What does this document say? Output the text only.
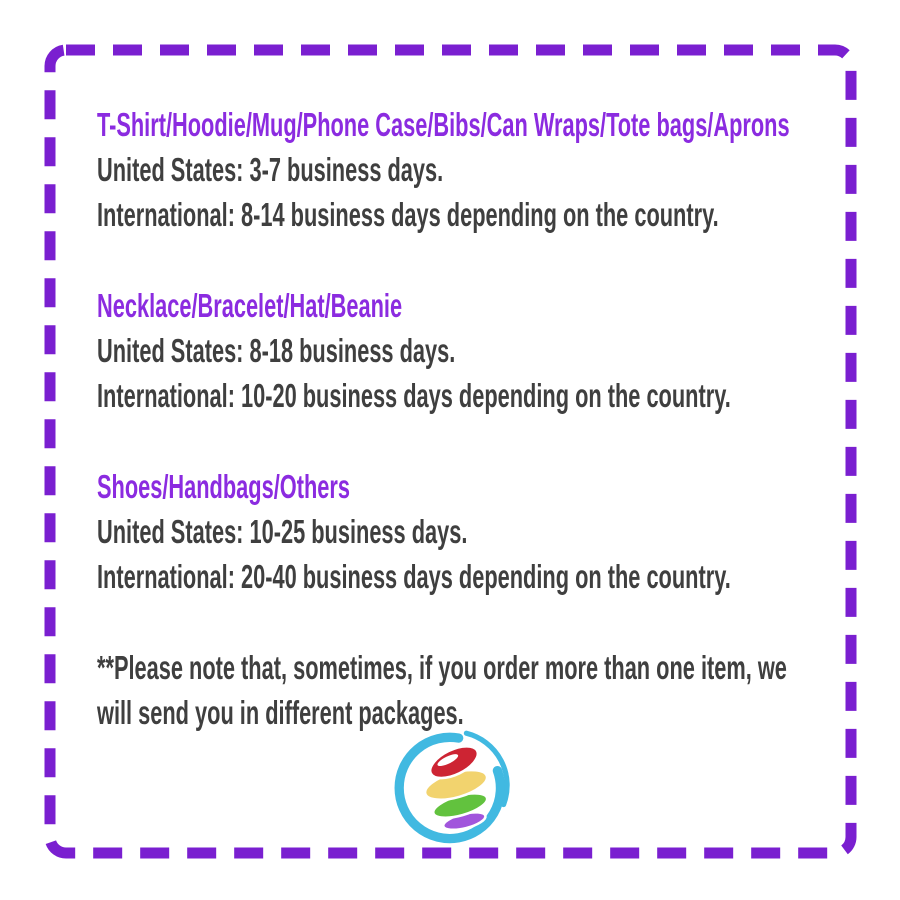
T-Shirt/Hoodie/Mug/Phone Case/Bibs/Can Wraps/Tote bags/Aprons
United States: 3-7 business days.
International: 8-14 business days depending on the country.
Necklace/Bracelet/Hat/Beanie
United States: 8-18 business days.
International: 10-20 business days depending on the country.
Shoes/Handbags/Others
United States: 10-25 business days.
International: 20-40 business days depending on the country.

**Please note that, sometimes, if you order more than one item, we will send you in different packages.
